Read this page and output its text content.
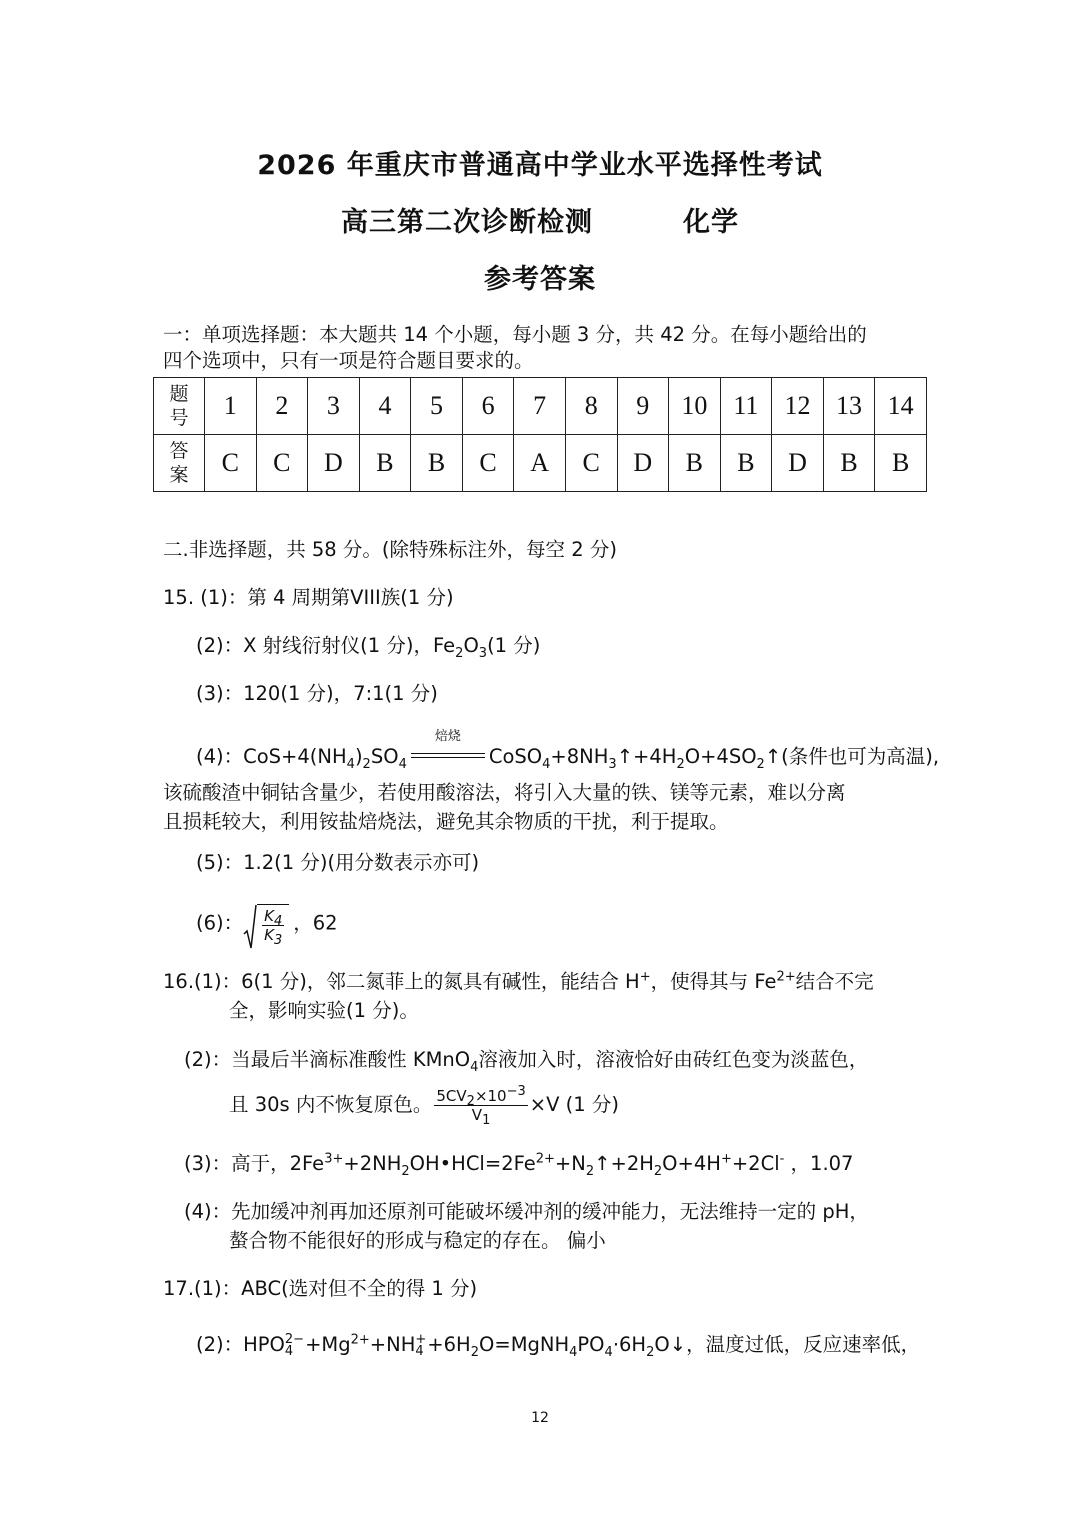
2026 年重庆市普通高中学业水平选择性考试
高三第二次诊断检测	化学
参考答案
一：单项选择题：本大题共 14 个小题，每小题 3 分，共 42 分。在每小题给出的
四个选项中，只有一项是符合题目要求的。
题
号	1	2	3	4	5	6	7	8	9	10	11	12	13	14

答
案	C	C	D	B	B	C	A	C	D	B	B	D	B	B
二.非选择题，共 58 分。(除特殊标注外，每空 2 分)
15. (1)：第 4 周期第VIII族(1 分)
(2)：X 射线衍射仪(1 分)，$Fe_2O_3(1$ 分)
(3)：120(1 分)，7:1(1 分)
(4)：$CoS+4(NH_4)_2SO_4$
焙烧
$CoSO_4+8NH_3↑+4H_2O+4SO_2↑$(条件也可为高温),
该硫酸渣中铜钴含量少，若使用酸溶法，将引入大量的铁、镁等元素，难以分离
且损耗较大，利用铵盐焙烧法，避免其余物质的干扰，利于提取。
(5)：1.2(1 分)(用分数表示亦可)
(6)： $\frac{K_4}{K_3}$ ，62
16.(1)：6(1 分)，邻二氮菲上的氮具有碱性，能结合 H+，使得其与 $Fe^{2+}$结合不完
全，影响实验(1 分)。
(2)：当最后半滴标准酸性 KMnO$_4$溶液加入时，溶液恰好由砖红色变为淡蓝色，
且 30s 内不恢复原色。 $\frac{5CV_2\times 10^{-3}}{V_1} \times V$ (1 分)
(3)：高于，$2Fe^{3+}+2NH_2OH•HCl=2Fe^{2+}+N_2↑+2H_2O+4H^++2Cl^-$ ，1.07
(4)：先加缓冲剂再加还原剂可能破坏缓冲剂的缓冲能力，无法维持一定的 pH，
螯合物不能很好的形成与稳定的存在。 偏小
17.(1)：ABC(选对但不全的得 1 分)
(2)：HPO 2−
$4 +Mg^{2+}+NH$ +
$4 +6H_2O=MgNH_4PO_4\cdot 6H_2O↓$，温度过低，反应速率低，
12
